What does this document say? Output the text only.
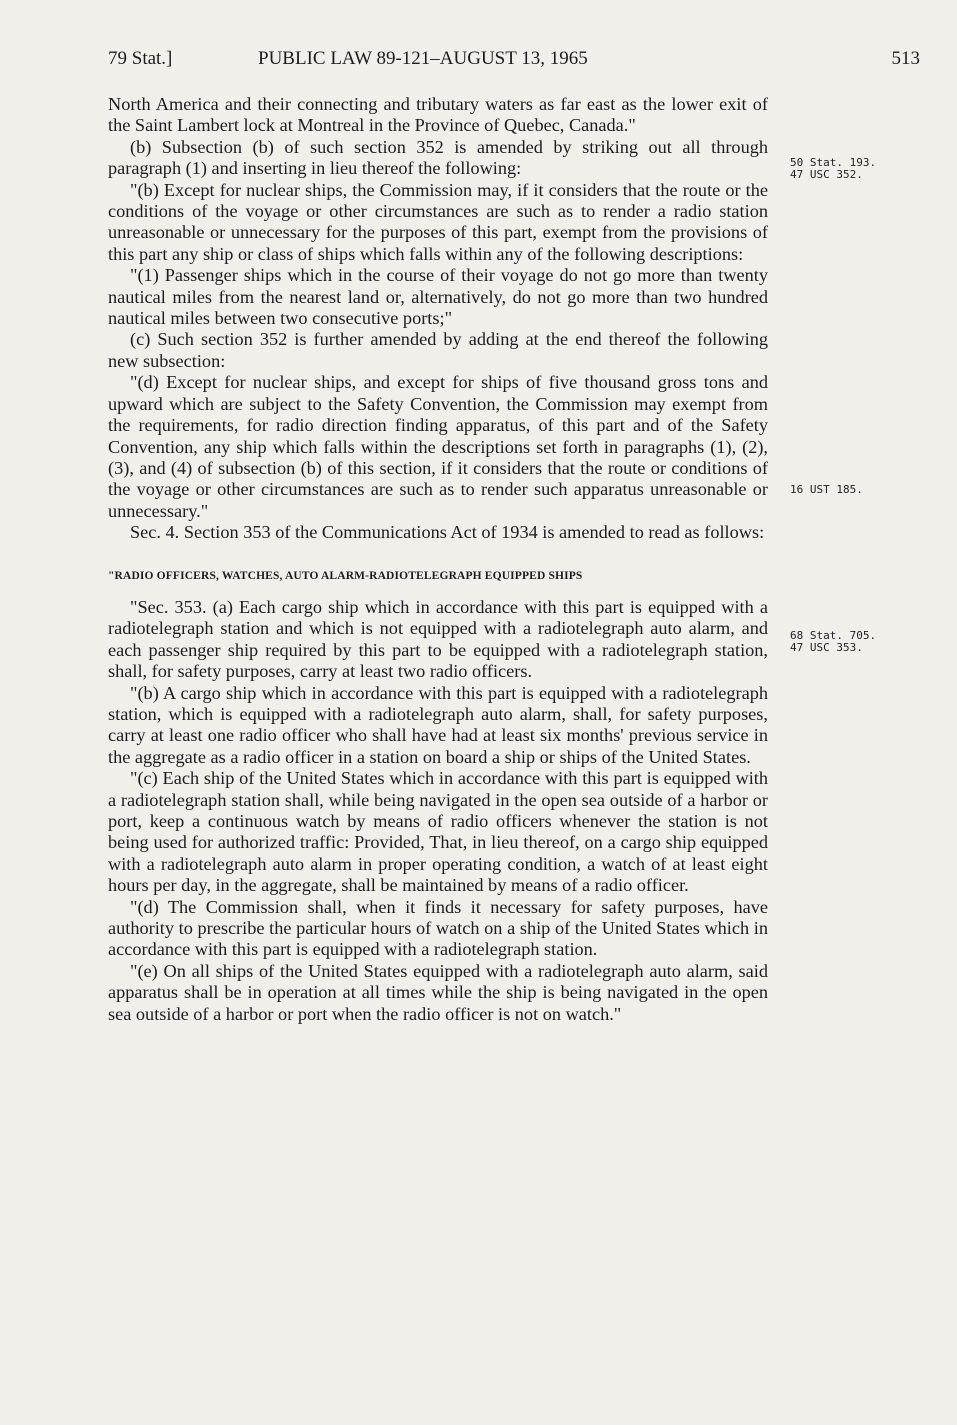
79 Stat.]	PUBLIC LAW 89-121–AUGUST 13, 1965	513

North America and their connecting and tributary waters as far east as the lower exit of the Saint Lambert lock at Montreal in the Province of Quebec, Canada."

(b) Subsection (b) of such section 352 is amended by striking out all through paragraph (1) and inserting in lieu thereof the following:

"(b) Except for nuclear ships, the Commission may, if it considers that the route or the conditions of the voyage or other circumstances are such as to render a radio station unreasonable or unnecessary for the purposes of this part, exempt from the provisions of this part any ship or class of ships which falls within any of the following descriptions:

"(1) Passenger ships which in the course of their voyage do not go more than twenty nautical miles from the nearest land or, alternatively, do not go more than two hundred nautical miles between two consecutive ports;"

(c) Such section 352 is further amended by adding at the end thereof the following new subsection:

"(d) Except for nuclear ships, and except for ships of five thousand gross tons and upward which are subject to the Safety Convention, the Commission may exempt from the requirements, for radio direction finding apparatus, of this part and of the Safety Convention, any ship which falls within the descriptions set forth in paragraphs (1), (2), (3), and (4) of subsection (b) of this section, if it considers that the route or conditions of the voyage or other circumstances are such as to render such apparatus unreasonable or unnecessary."

Sec. 4. Section 353 of the Communications Act of 1934 is amended to read as follows:

"RADIO OFFICERS, WATCHES, AUTO ALARM-RADIOTELEGRAPH EQUIPPED SHIPS

"Sec. 353. (a) Each cargo ship which in accordance with this part is equipped with a radiotelegraph station and which is not equipped with a radiotelegraph auto alarm, and each passenger ship required by this part to be equipped with a radiotelegraph station, shall, for safety purposes, carry at least two radio officers.

"(b) A cargo ship which in accordance with this part is equipped with a radiotelegraph station, which is equipped with a radiotelegraph auto alarm, shall, for safety purposes, carry at least one radio officer who shall have had at least six months' previous service in the aggregate as a radio officer in a station on board a ship or ships of the United States.

"(c) Each ship of the United States which in accordance with this part is equipped with a radiotelegraph station shall, while being navigated in the open sea outside of a harbor or port, keep a continuous watch by means of radio officers whenever the station is not being used for authorized traffic: Provided, That, in lieu thereof, on a cargo ship equipped with a radiotelegraph auto alarm in proper operating condition, a watch of at least eight hours per day, in the aggregate, shall be maintained by means of a radio officer.

"(d) The Commission shall, when it finds it necessary for safety purposes, have authority to prescribe the particular hours of watch on a ship of the United States which in accordance with this part is equipped with a radiotelegraph station.

"(e) On all ships of the United States equipped with a radiotelegraph auto alarm, said apparatus shall be in operation at all times while the ship is being navigated in the open sea outside of a harbor or port when the radio officer is not on watch."

50 Stat. 193.
47 USC 352.
16 UST 185.
68 Stat. 705.
47 USC 353.
